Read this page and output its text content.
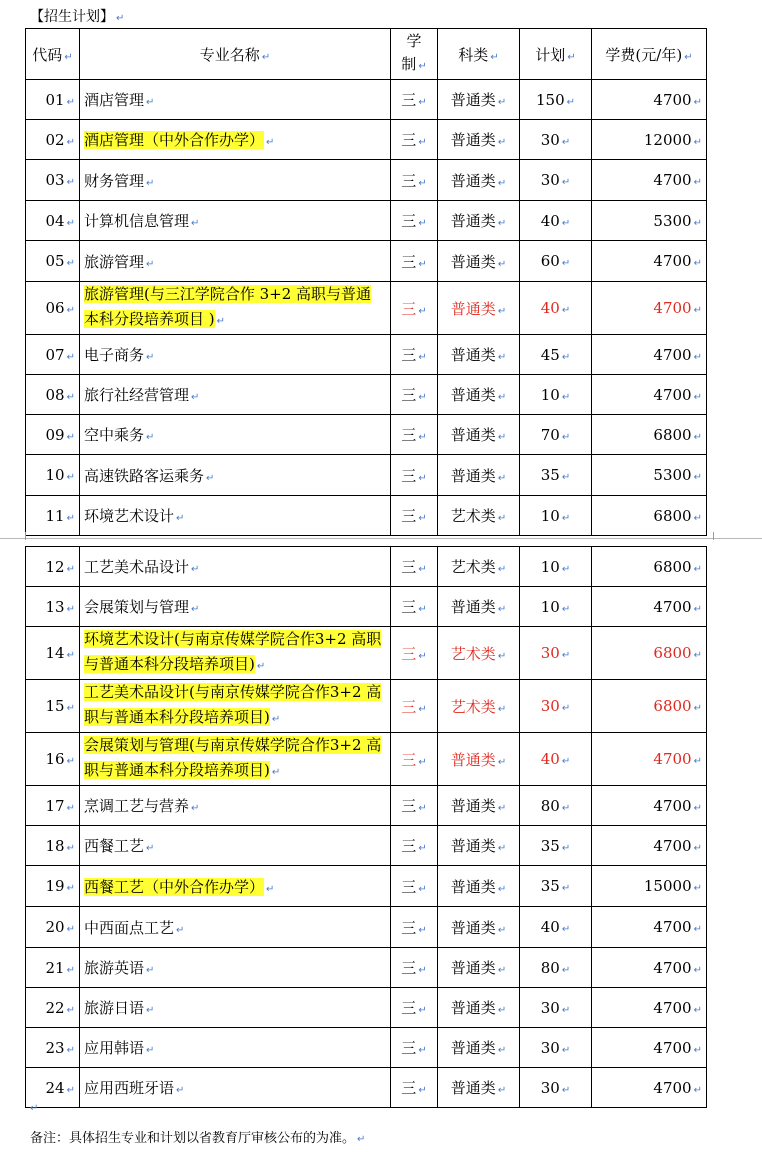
【招生计划】 ↵
代码 ↵	专业名称 ↵	学
制 ↵	科类 ↵	计划 ↵	学费(元/年) ↵
01 ↵	酒店管理 ↵	三 ↵	普通类 ↵	150 ↵	4700 ↵
02 ↵	酒店管理（中外合作办学） ↵	三 ↵	普通类 ↵	30 ↵	12000 ↵
03 ↵	财务管理 ↵	三 ↵	普通类 ↵	30 ↵	4700 ↵
04 ↵	计算机信息管理 ↵	三 ↵	普通类 ↵	40 ↵	5300 ↵
05 ↵	旅游管理 ↵	三 ↵	普通类 ↵	60 ↵	4700 ↵
06 ↵	旅游管理(与三江学院合作 3+2 高职与普通本科分段培养项目 ) ↵	三 ↵	普通类 ↵	40 ↵	4700 ↵
07 ↵	电子商务 ↵	三 ↵	普通类 ↵	45 ↵	4700 ↵
08 ↵	旅行社经营管理 ↵	三 ↵	普通类 ↵	10 ↵	4700 ↵
09 ↵	空中乘务 ↵	三 ↵	普通类 ↵	70 ↵	6800 ↵
10 ↵	高速铁路客运乘务 ↵	三 ↵	普通类 ↵	35 ↵	5300 ↵
11 ↵	环境艺术设计 ↵	三 ↵	艺术类 ↵	10 ↵	6800 ↵
12 ↵	工艺美术品设计 ↵	三 ↵	艺术类 ↵	10 ↵	6800 ↵
13 ↵	会展策划与管理 ↵	三 ↵	普通类 ↵	10 ↵	4700 ↵
14 ↵	环境艺术设计(与南京传媒学院合作3+2 高职与普通本科分段培养项目) ↵	三 ↵	艺术类 ↵	30 ↵	6800 ↵
15 ↵	工艺美术品设计(与南京传媒学院合作3+2 高职与普通本科分段培养项目) ↵	三 ↵	艺术类 ↵	30 ↵	6800 ↵
16 ↵	会展策划与管理(与南京传媒学院合作3+2 高职与普通本科分段培养项目) ↵	三 ↵	普通类 ↵	40 ↵	4700 ↵
17 ↵	烹调工艺与营养 ↵	三 ↵	普通类 ↵	80 ↵	4700 ↵
18 ↵	西餐工艺 ↵	三 ↵	普通类 ↵	35 ↵	4700 ↵
19 ↵	西餐工艺（中外合作办学） ↵	三 ↵	普通类 ↵	35 ↵	15000 ↵
20 ↵	中西面点工艺 ↵	三 ↵	普通类 ↵	40 ↵	4700 ↵
21 ↵	旅游英语 ↵	三 ↵	普通类 ↵	80 ↵	4700 ↵
22 ↵	旅游日语 ↵	三 ↵	普通类 ↵	30 ↵	4700 ↵
23 ↵	应用韩语 ↵	三 ↵	普通类 ↵	30 ↵	4700 ↵
24 ↵	应用西班牙语 ↵	三 ↵	普通类 ↵	30 ↵	4700 ↵
↵
备注：具体招生专业和计划以省教育厅审核公布的为准。 ↵
